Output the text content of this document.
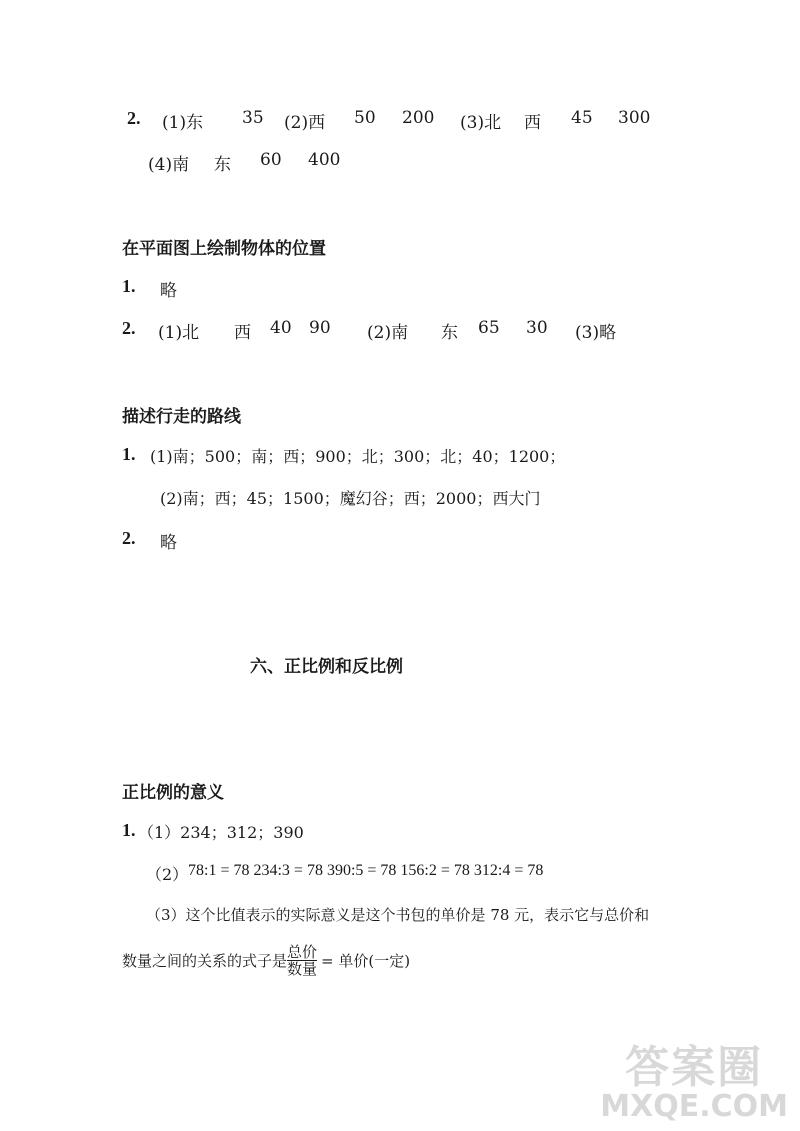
2. (1)东 35 (2)西 50 200 (3)北 西 45 300
(4)南 东 60 400
在平面图上绘制物体的位置
1. 略
2. (1)北 西 40 90 (2)南 东 65 30 (3)略
描述行走的路线
1. (1)南；500；南；西；900；北；300；北；40；1200；
(2)南；西；45；1500；魔幻谷；西；2000；西大门
2. 略
六、正比例和反比例
正比例的意义
1. （1）234；312；390
（2） 78:1 = 78 234:3 = 78 390:5 = 78 156:2 = 78 312:4 = 78
（3）这个比值表示的实际意义是这个书包的单价是 78 元，表示它与总价和
数量之间的关系的式子是 $\frac{\text{总价}}{\text{数量}}$ = 单价(一定)
答案圈
MXQE.COM
